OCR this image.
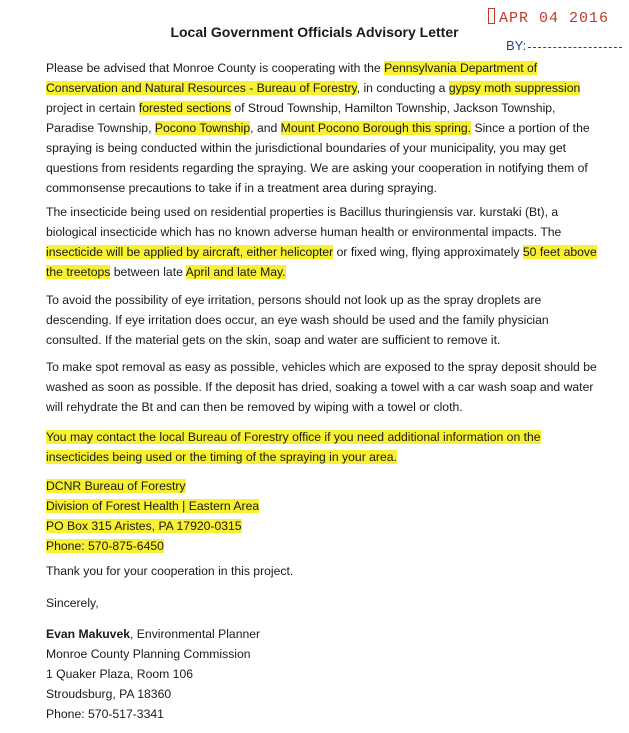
APR 04 2016
BY:
Local Government Officials Advisory Letter
Please be advised that Monroe County is cooperating with the Pennsylvania Department of Conservation and Natural Resources - Bureau of Forestry, in conducting a gypsy moth suppression project in certain forested sections of Stroud Township, Hamilton Township, Jackson Township, Paradise Township, Pocono Township, and Mount Pocono Borough this spring. Since a portion of the spraying is being conducted within the jurisdictional boundaries of your municipality, you may get questions from residents regarding the spraying. We are asking your cooperation in notifying them of commonsense precautions to take if in a treatment area during spraying.
The insecticide being used on residential properties is Bacillus thuringiensis var. kurstaki (Bt), a biological insecticide which has no known adverse human health or environmental impacts. The insecticide will be applied by aircraft, either helicopter or fixed wing, flying approximately 50 feet above the treetops between late April and late May.
To avoid the possibility of eye irritation, persons should not look up as the spray droplets are descending. If eye irritation does occur, an eye wash should be used and the family physician consulted. If the material gets on the skin, soap and water are sufficient to remove it.
To make spot removal as easy as possible, vehicles which are exposed to the spray deposit should be washed as soon as possible. If the deposit has dried, soaking a towel with a car wash soap and water will rehydrate the Bt and can then be removed by wiping with a towel or cloth.
You may contact the local Bureau of Forestry office if you need additional information on the insecticides being used or the timing of the spraying in your area.
DCNR Bureau of Forestry
Division of Forest Health | Eastern Area
PO Box 315 Aristes, PA 17920-0315
Phone: 570-875-6450
Thank you for your cooperation in this project.
Sincerely,
Evan Makuvek, Environmental Planner
Monroe County Planning Commission
1 Quaker Plaza, Room 106
Stroudsburg, PA 18360
Phone: 570-517-3341
